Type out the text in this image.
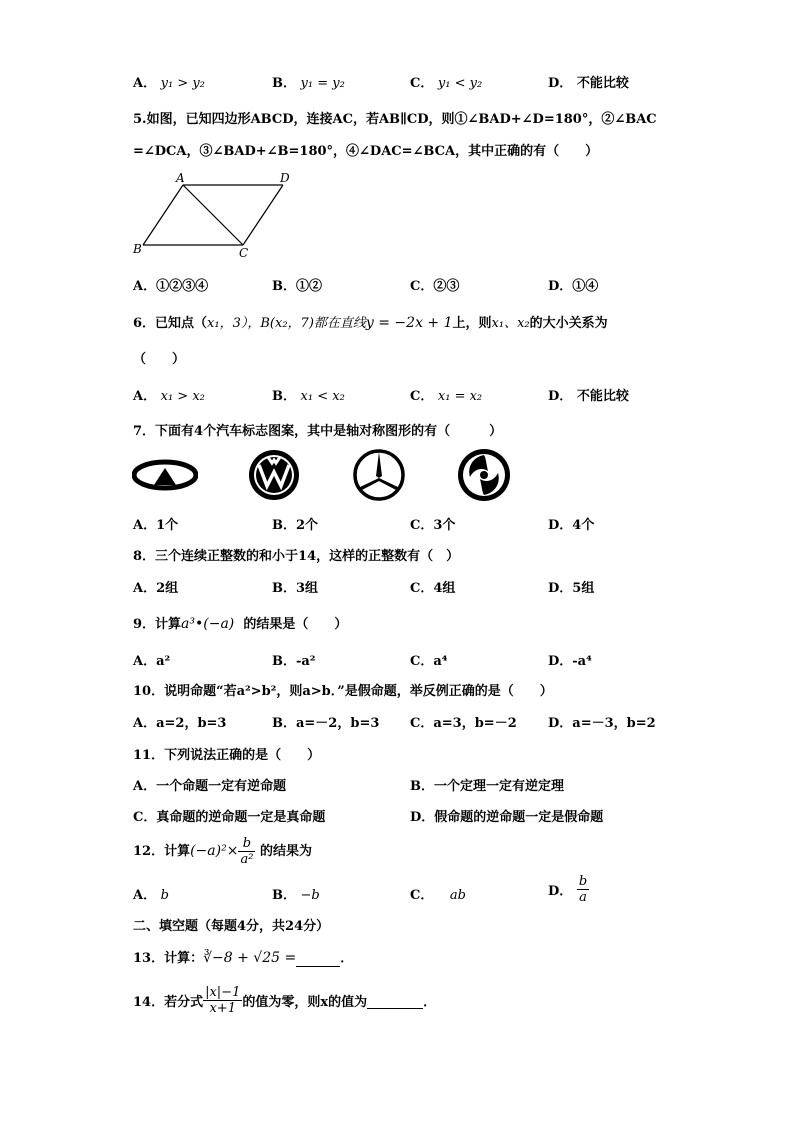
A． y₁ > y₂	B． y₁ = y₂	C． y₁ < y₂	D． 不能比较
5.如图，已知四边形ABCD，连接AC，若AB∥CD，则①∠BAD+∠D=180°，②∠BAC
=∠DCA，③∠BAD+∠B=180°，④∠DAC=∠BCA，其中正确的有（　　）
A	D
B	C
A．①②③④	B．①②	C．②③	D．①④
6．已知点（x₁，3），B(x₂，7)都在直线y = −2x + 1上，则x₁、x₂的大小关系为
（　　）
A． x₁ > x₂	B． x₁ < x₂	C． x₁ = x₂	D． 不能比较
7．下面有4个汽车标志图案，其中是轴对称图形的有（　　　）
A．1个	B．2个	C．3个	D．4个
8．三个连续正整数的和小于14，这样的正整数有（　）
A．2组	B．3组	C．4组	D．5组
9．计算a³•(−a) 的结果是（　　）
A．a²	B．-a²	C．a⁴	D．-a⁴
10．说明命题“若a²>b²，则a>b．”是假命题，举反例正确的是（　　）
A．a=2，b=3	B．a=－2，b=3 C．a=3，b=－2 D．a=－3，b=2
11．下列说法正确的是（　　）
A．一个命题一定有逆命题	B．一个定理一定有逆定理
C．真命题的逆命题一定是真命题	D．假命题的逆命题一定是假命题
12．计算$(-a)^2\times \frac{b}{\text{a²}}$ 的结果为
A． b	B． −b	C． ab	D． $\frac{b}{a}$
二、填空题（每题4分，共24分）
13．计算：∛−8 + √25 =	．
14．若分式 $\frac{|x|-1}{x+1}$ 的值为零，则x的值为	．
